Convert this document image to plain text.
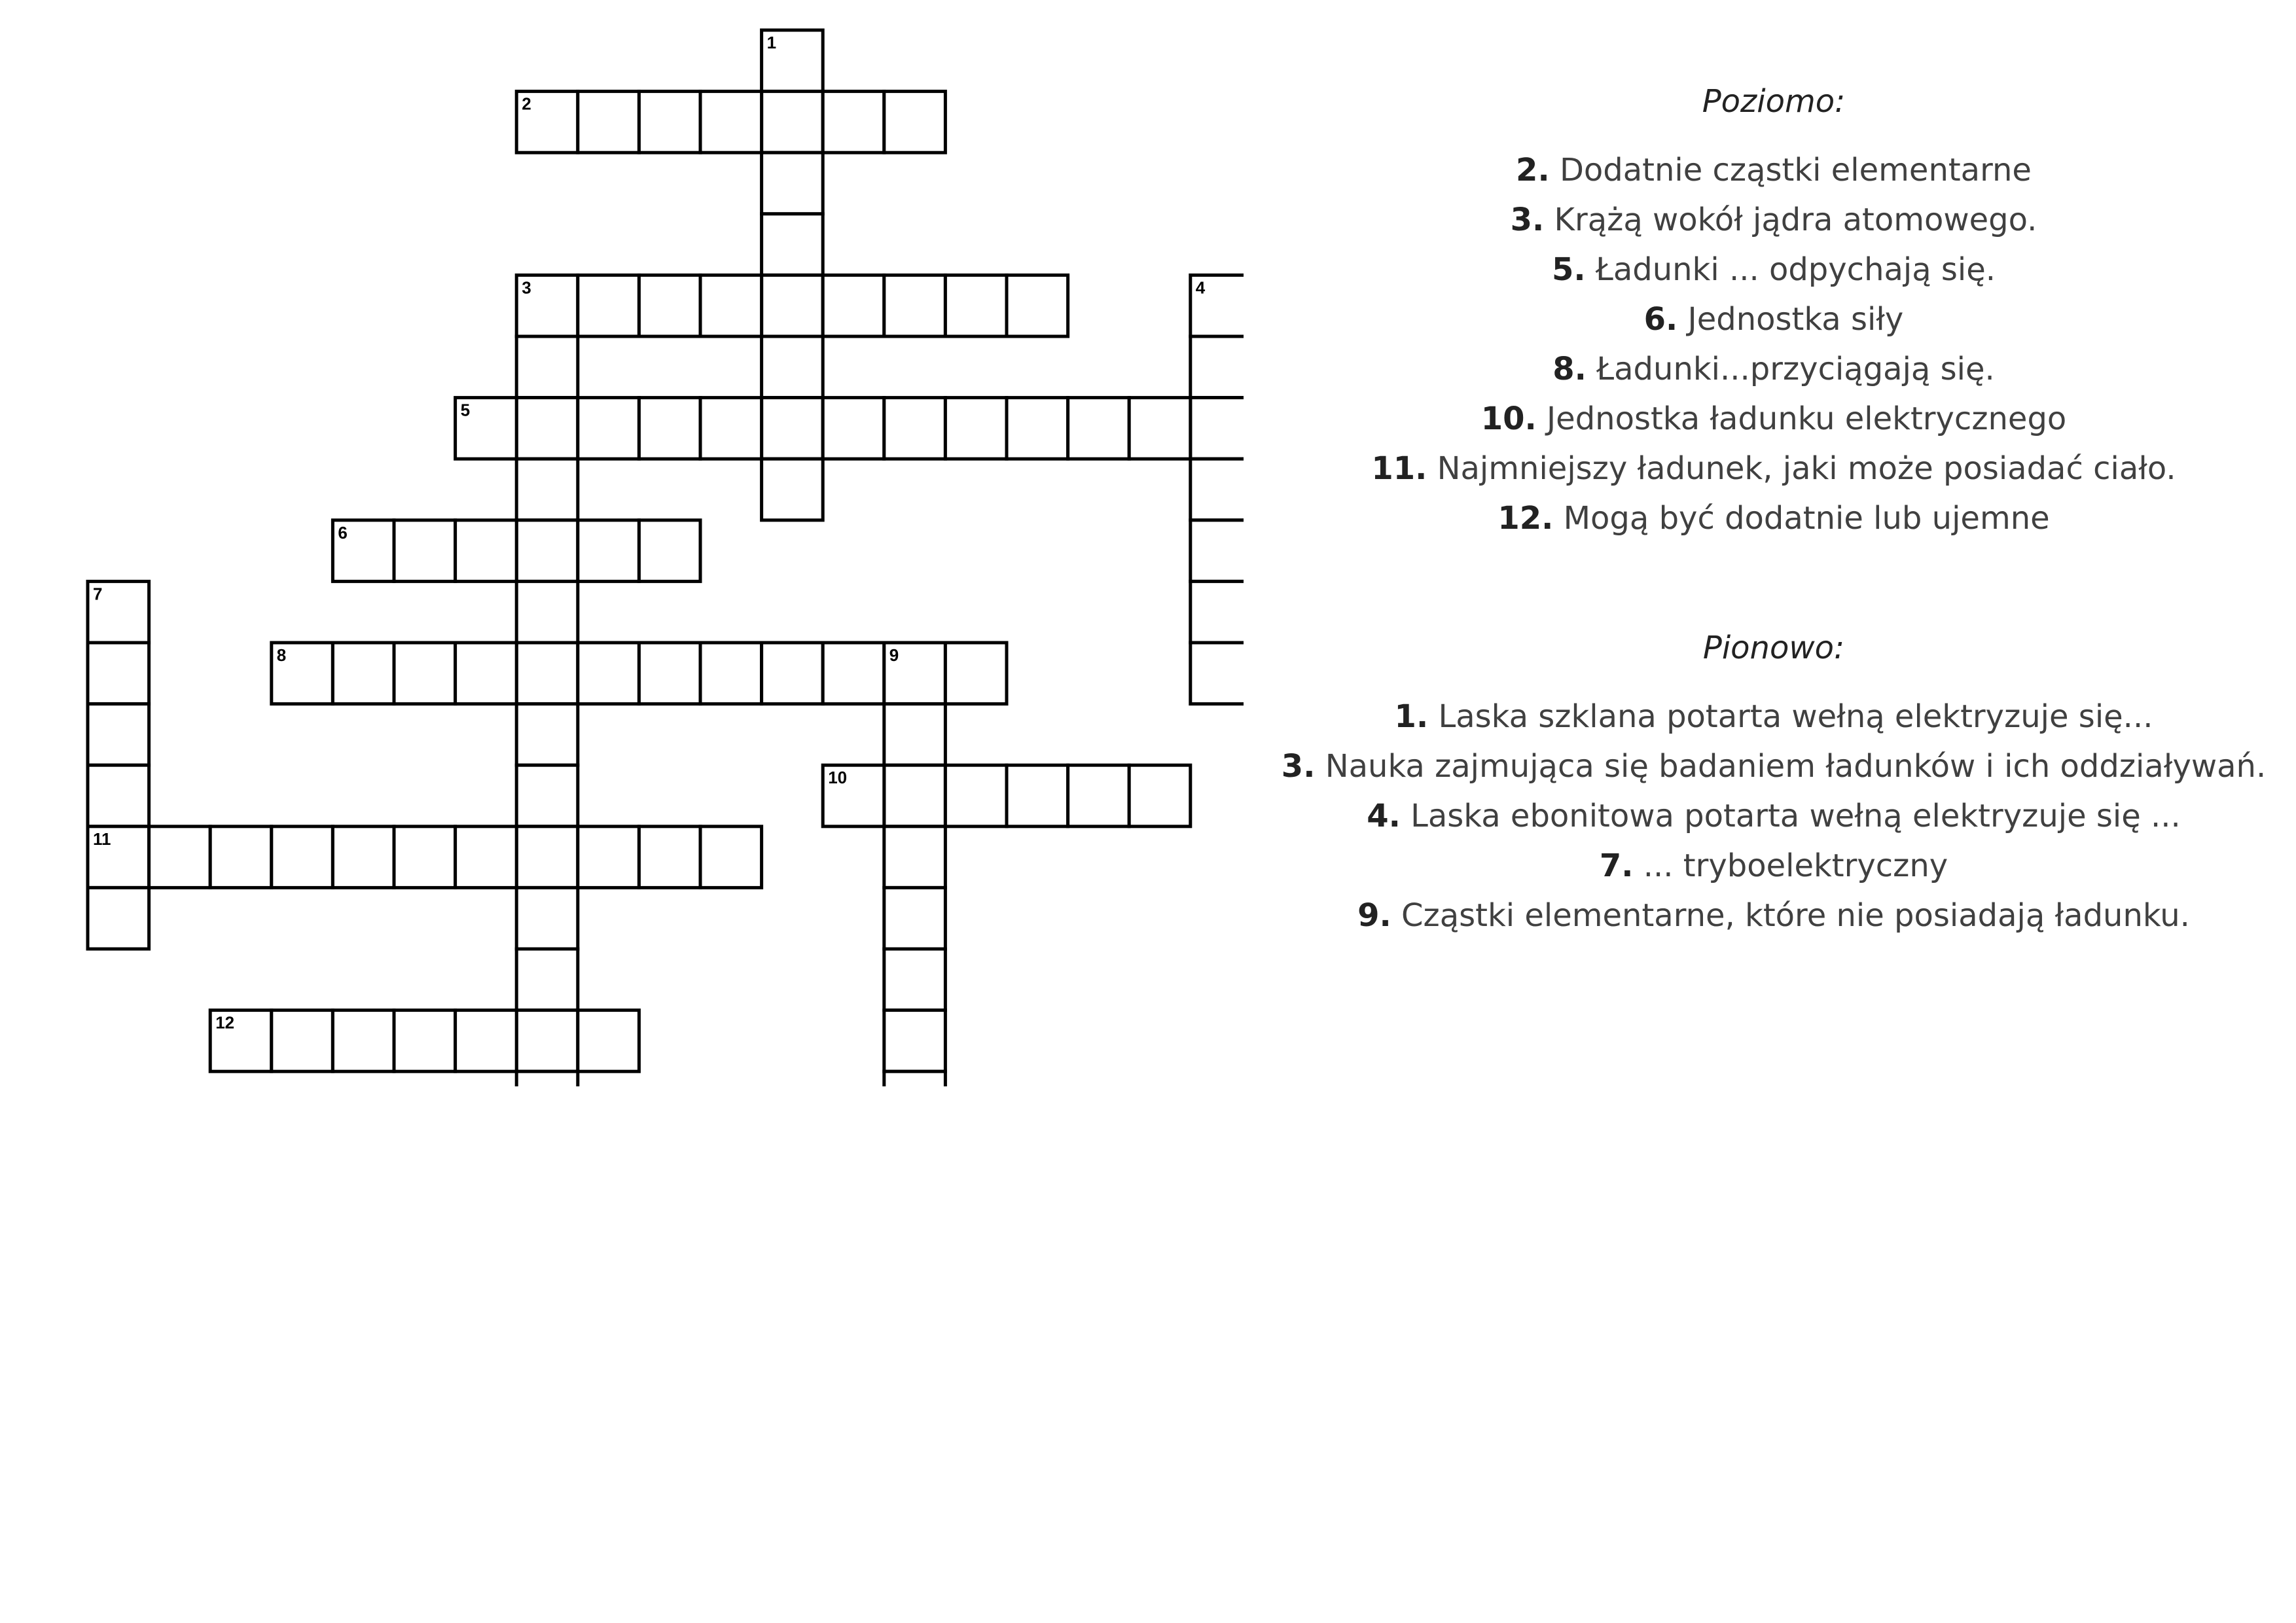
1
2
3	4
5
6
7
11
8	9
10
12
Poziomo:
2. Dodatnie cząstki elementarne
3. Krążą wokół jądra atomowego.
5. Ładunki ... odpychają się.
6. Jednostka siły
8. Ładunki...przyciągają się.
10. Jednostka ładunku elektrycznego
11. Najmniejszy ładunek, jaki może posiadać ciało.
12. Mogą być dodatnie lub ujemne
Pionowo:
1. Laska szklana potarta wełną elektryzuje się...
3. Nauka zajmująca się badaniem ładunków i ich oddziaływań.
4. Laska ebonitowa potarta wełną elektryzuje się ...
7. ... tryboelektryczny
9. Cząstki elementarne, które nie posiadają ładunku.
